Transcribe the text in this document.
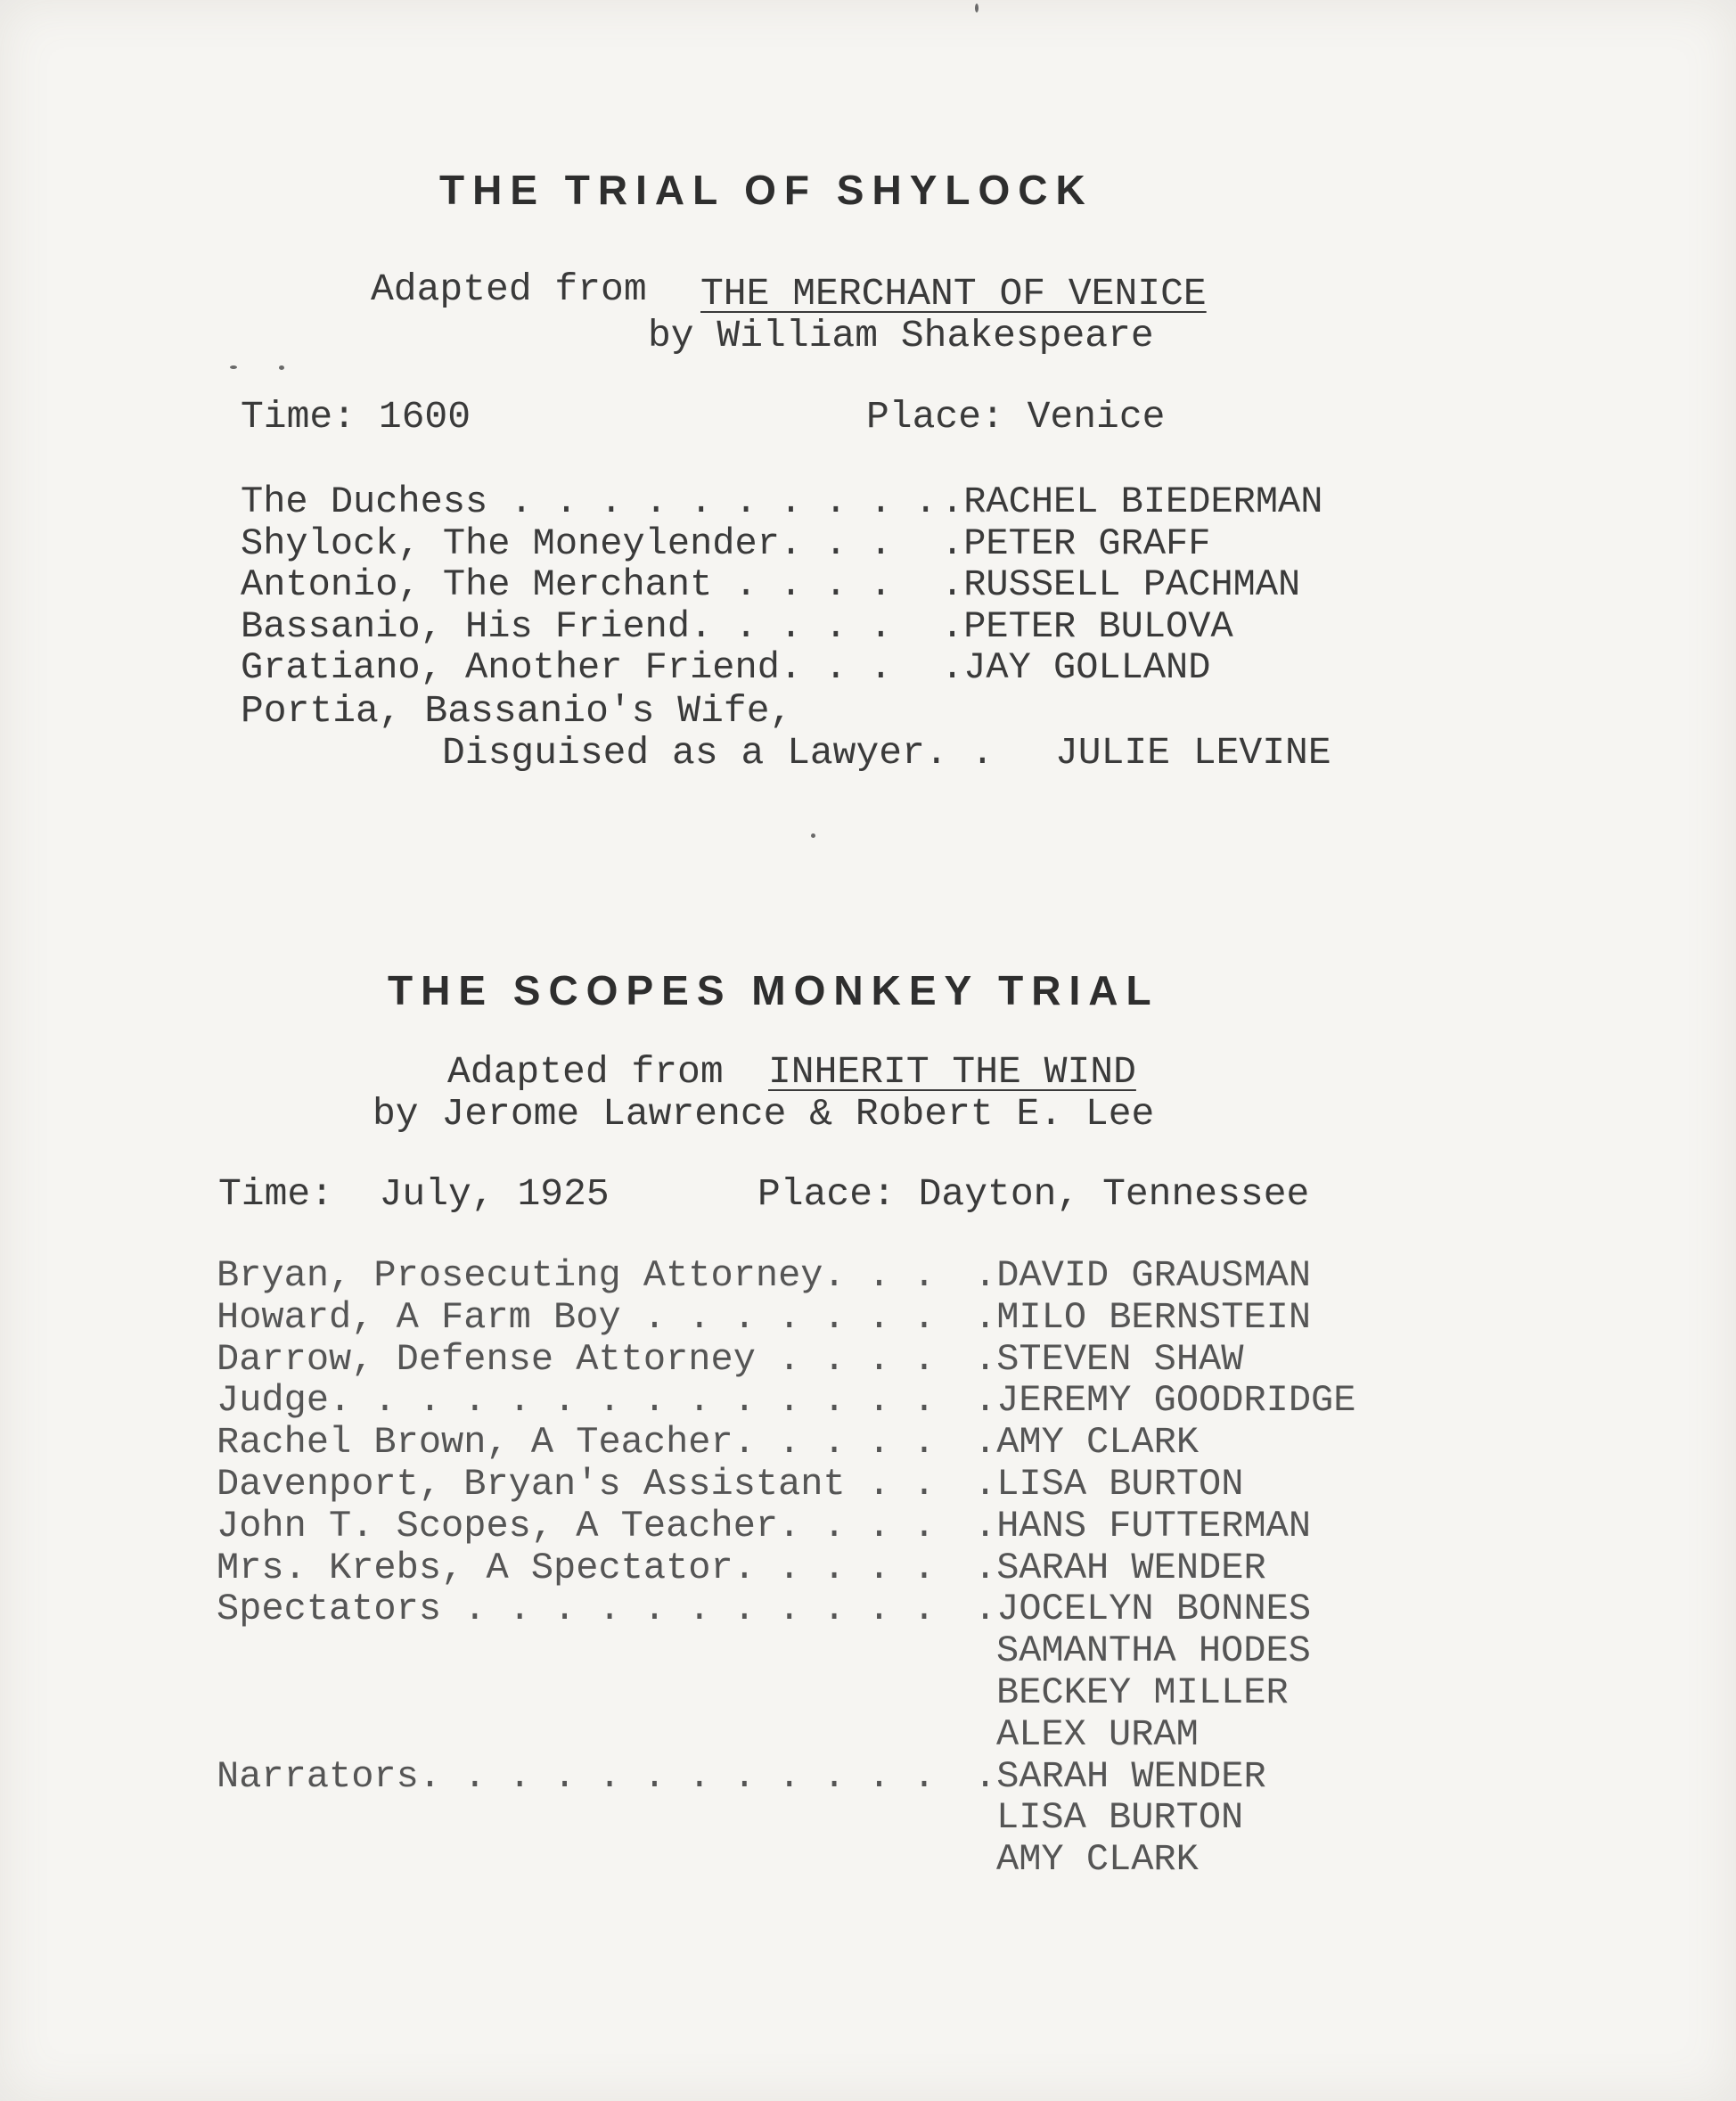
THE TRIAL OF SHYLOCK
Adapted from THE MERCHANT OF VENICE
by William Shakespeare
Time: 1600	Place: Venice
The Duchess . . . . . . . . . . .RACHEL BIEDERMAN
Shylock, The Moneylender. . . .PETER GRAFF
Antonio, The Merchant . . . . .RUSSELL PACHMAN
Bassanio, His Friend. . . . . .PETER BULOVA
Gratiano, Another Friend. . . .JAY GOLLAND
Portia, Bassanio's Wife,
Disguised as a Lawyer. . JULIE LEVINE
THE SCOPES MONKEY TRIAL
Adapted from INHERIT THE WIND
by Jerome Lawrence & Robert E. Lee
Time:  July, 1925	Place: Dayton, Tennessee
Bryan, Prosecuting Attorney. . . .DAVID GRAUSMAN
Howard, A Farm Boy . . . . . . . .MILO BERNSTEIN
Darrow, Defense Attorney . . . . .STEVEN SHAW
Judge. . . . . . . . . . . . . . .JEREMY GOODRIDGE
Rachel Brown, A Teacher. . . . . .AMY CLARK
Davenport, Bryan's Assistant . . .LISA BURTON
John T. Scopes, A Teacher. . . . .HANS FUTTERMAN
Mrs. Krebs, A Spectator. . . . . .SARAH WENDER
Spectators . . . . . . . . . . . .JOCELYN BONNES
SAMANTHA HODES
BECKEY MILLER
ALEX URAM
Narrators. . . . . . . . . . . . .SARAH WENDER
LISA BURTON
AMY CLARK
